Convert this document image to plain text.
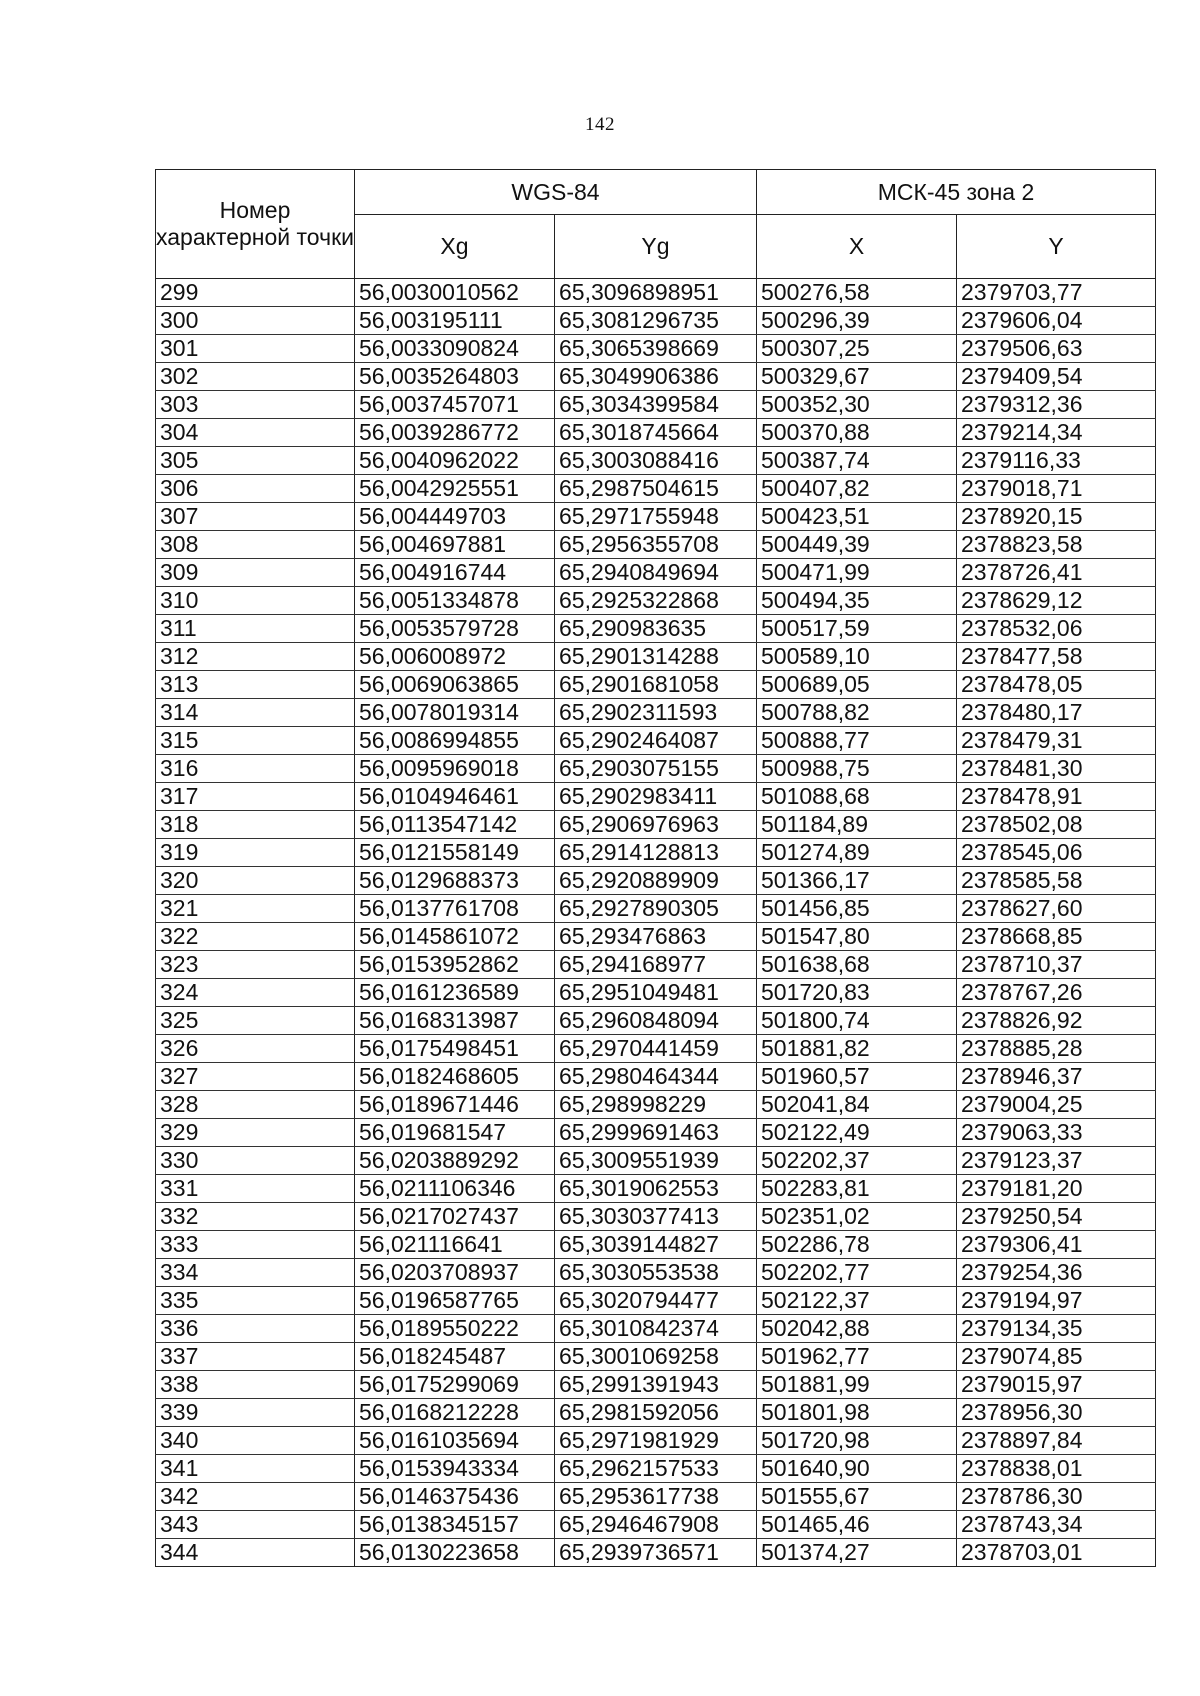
142
Номер характерной точки	WGS-84		МСК-45 зона 2	
	Xg	Yg	X	Y
299	56,0030010562	65,3096898951	500276,58	2379703,77
300	56,003195111	65,3081296735	500296,39	2379606,04
301	56,0033090824	65,3065398669	500307,25	2379506,63
302	56,0035264803	65,3049906386	500329,67	2379409,54
303	56,0037457071	65,3034399584	500352,30	2379312,36
304	56,0039286772	65,3018745664	500370,88	2379214,34
305	56,0040962022	65,3003088416	500387,74	2379116,33
306	56,0042925551	65,2987504615	500407,82	2379018,71
307	56,004449703	65,2971755948	500423,51	2378920,15
308	56,004697881	65,2956355708	500449,39	2378823,58
309	56,004916744	65,2940849694	500471,99	2378726,41
310	56,0051334878	65,2925322868	500494,35	2378629,12
311	56,0053579728	65,290983635	500517,59	2378532,06
312	56,006008972	65,2901314288	500589,10	2378477,58
313	56,0069063865	65,2901681058	500689,05	2378478,05
314	56,0078019314	65,2902311593	500788,82	2378480,17
315	56,0086994855	65,2902464087	500888,77	2378479,31
316	56,0095969018	65,2903075155	500988,75	2378481,30
317	56,0104946461	65,2902983411	501088,68	2378478,91
318	56,0113547142	65,2906976963	501184,89	2378502,08
319	56,0121558149	65,2914128813	501274,89	2378545,06
320	56,0129688373	65,2920889909	501366,17	2378585,58
321	56,0137761708	65,2927890305	501456,85	2378627,60
322	56,0145861072	65,293476863	501547,80	2378668,85
323	56,0153952862	65,294168977	501638,68	2378710,37
324	56,0161236589	65,2951049481	501720,83	2378767,26
325	56,0168313987	65,2960848094	501800,74	2378826,92
326	56,0175498451	65,2970441459	501881,82	2378885,28
327	56,0182468605	65,2980464344	501960,57	2378946,37
328	56,0189671446	65,298998229	502041,84	2379004,25
329	56,019681547	65,2999691463	502122,49	2379063,33
330	56,0203889292	65,3009551939	502202,37	2379123,37
331	56,0211106346	65,3019062553	502283,81	2379181,20
332	56,0217027437	65,3030377413	502351,02	2379250,54
333	56,021116641	65,3039144827	502286,78	2379306,41
334	56,0203708937	65,3030553538	502202,77	2379254,36
335	56,0196587765	65,3020794477	502122,37	2379194,97
336	56,0189550222	65,3010842374	502042,88	2379134,35
337	56,018245487	65,3001069258	501962,77	2379074,85
338	56,0175299069	65,2991391943	501881,99	2379015,97
339	56,0168212228	65,2981592056	501801,98	2378956,30
340	56,0161035694	65,2971981929	501720,98	2378897,84
341	56,0153943334	65,2962157533	501640,90	2378838,01
342	56,0146375436	65,2953617738	501555,67	2378786,30
343	56,0138345157	65,2946467908	501465,46	2378743,34
344	56,0130223658	65,2939736571	501374,27	2378703,01
